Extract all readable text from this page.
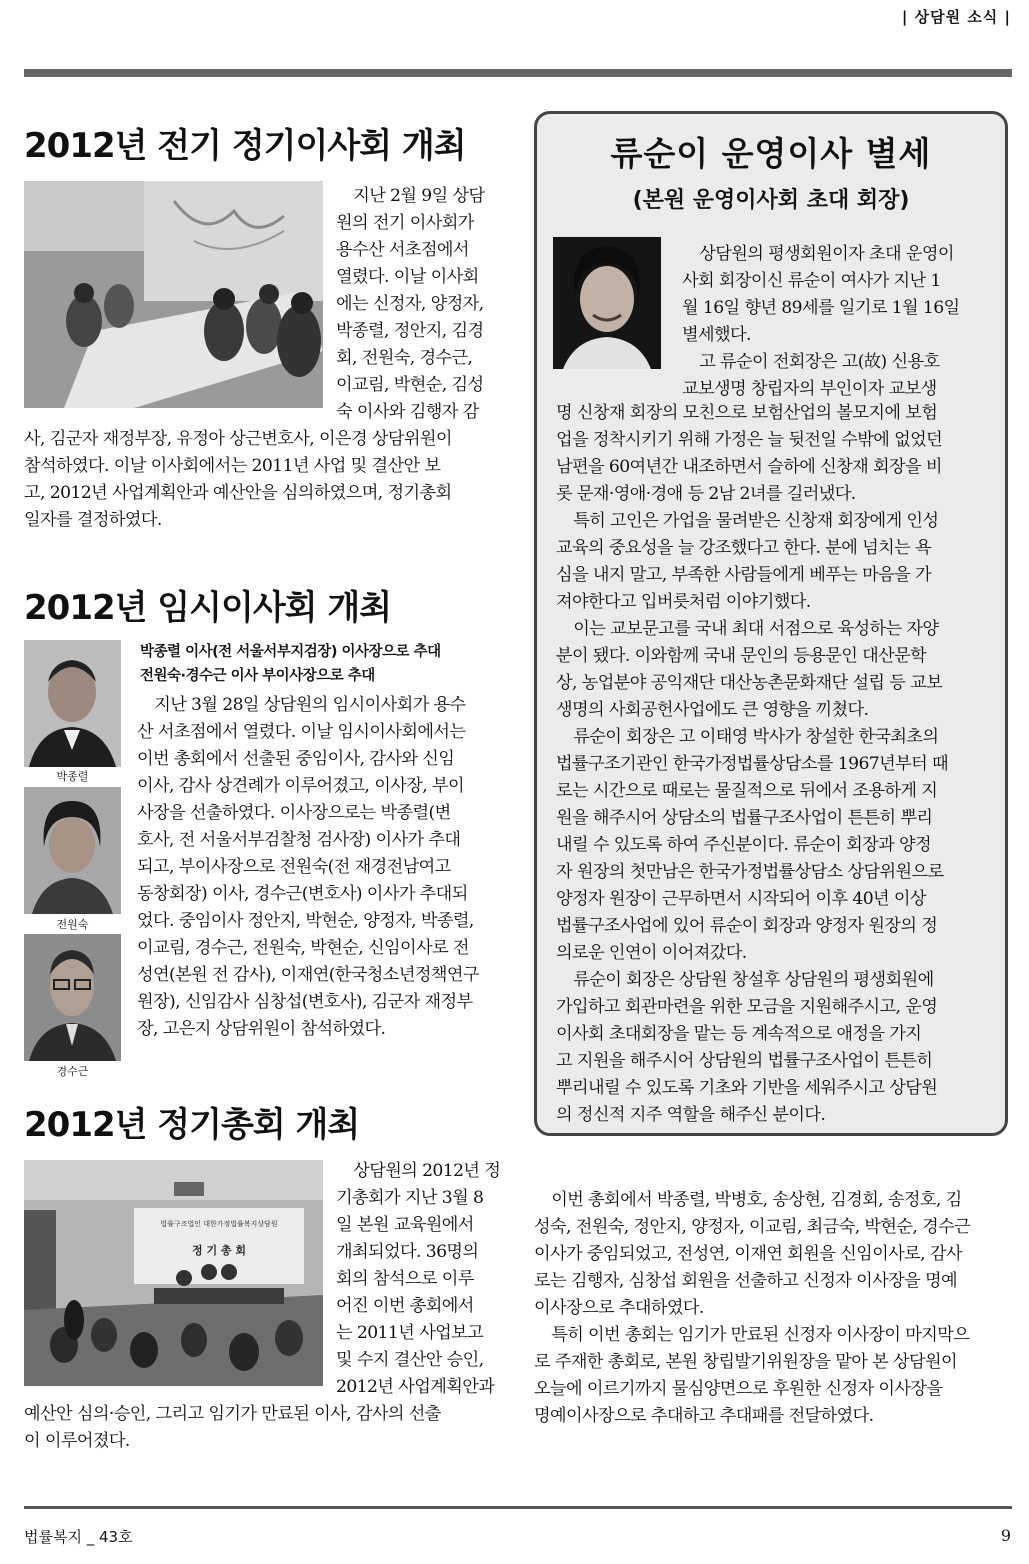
| 상담원 소식 |
2012년 전기 정기이사회 개최
지난 2월 9일 상담
원의 전기 이사회가
용수산 서초점에서
열렸다. 이날 이사회
에는 신정자, 양정자,
박종렬, 정안지, 김경
회, 전원숙, 경수근,
이교림, 박현순, 김성
숙 이사와 김행자 감
사, 김군자 재정부장, 유정아 상근변호사, 이은경 상담위원이
참석하였다. 이날 이사회에서는 2011년 사업 및 결산안 보
고, 2012년 사업계획안과 예산안을 심의하였으며, 정기총회
일자를 결정하였다.
2012년 임시이사회 개최
박종렬
전원숙
경수근
박종렬 이사(전 서울서부지검장) 이사장으로 추대
전원숙·경수근 이사 부이사장으로 추대
지난 3월 28일 상담원의 임시이사회가 용수
산 서초점에서 열렸다. 이날 임시이사회에서는
이번 총회에서 선출된 중임이사, 감사와 신임
이사, 감사 상견례가 이루어졌고, 이사장, 부이
사장을 선출하였다. 이사장으로는 박종렬(변
호사, 전 서울서부검찰청 검사장) 이사가 추대
되고, 부이사장으로 전원숙(전 재경전남여고
동창회장) 이사, 경수근(변호사) 이사가 추대되
었다. 중임이사 정안지, 박현순, 양정자, 박종렬,
이교림, 경수근, 전원숙, 박현순, 신임이사로 전
성연(본원 전 감사), 이재연(한국청소년정책연구
원장), 신임감사 심창섭(변호사), 김군자 재정부
장, 고은지 상담위원이 참석하였다.
2012년 정기총회 개최
법률구조법인 대한가정법률복지상담원
정 기 총 회
상담원의 2012년 정
기총회가 지난 3월 8
일 본원 교육원에서
개최되었다. 36명의
회의 참석으로 이루
어진 이번 총회에서
는 2011년 사업보고
및 수지 결산안 승인,
2012년 사업계획안과
예산안 심의·승인, 그리고 임기가 만료된 이사, 감사의 선출
이 이루어졌다.
류순이 운영이사 별세
(본원 운영이사회 초대 회장)
상담원의 평생회원이자 초대 운영이
사회 회장이신 류순이 여사가 지난 1
월 16일 향년 89세를 일기로 1월 16일
별세했다.
고 류순이 전회장은 고(故) 신용호
교보생명 창립자의 부인이자 교보생
명 신창재 회장의 모친으로 보험산업의 볼모지에 보험
업을 정착시키기 위해 가정은 늘 뒷전일 수밖에 없었던
남편을 60여년간 내조하면서 슬하에 신창재 회장을 비
롯 문재·영애·경애 등 2남 2녀를 길러냈다.
특히 고인은 가업을 물려받은 신창재 회장에게 인성
교육의 중요성을 늘 강조했다고 한다. 분에 넘치는 욕
심을 내지 말고, 부족한 사람들에게 베푸는 마음을 가
져야한다고 입버릇처럼 이야기했다.
이는 교보문고를 국내 최대 서점으로 육성하는 자양
분이 됐다. 이와함께 국내 문인의 등용문인 대산문학
상, 농업분야 공익재단 대산농촌문화재단 설립 등 교보
생명의 사회공헌사업에도 큰 영향을 끼쳤다.
류순이 회장은 고 이태영 박사가 창설한 한국최초의
법률구조기관인 한국가정법률상담소를 1967년부터 때
로는 시간으로 때로는 물질적으로 뒤에서 조용하게 지
원을 해주시어 상담소의 법률구조사업이 튼튼히 뿌리
내릴 수 있도록 하여 주신분이다. 류순이 회장과 양정
자 원장의 첫만남은 한국가정법률상담소 상담위원으로
양정자 원장이 근무하면서 시작되어 이후 40년 이상
법률구조사업에 있어 류순이 회장과 양정자 원장의 정
의로운 인연이 이어져갔다.
류순이 회장은 상담원 창설후 상담원의 평생회원에
가입하고 회관마련을 위한 모금을 지원해주시고, 운영
이사회 초대회장을 맡는 등 계속적으로 애정을 가지
고 지원을 해주시어 상담원의 법률구조사업이 튼튼히
뿌리내릴 수 있도록 기초와 기반을 세워주시고 상담원
의 정신적 지주 역할을 해주신 분이다.
이번 총회에서 박종렬, 박병호, 송상현, 김경회, 송정호, 김
성숙, 전원숙, 정안지, 양정자, 이교림, 최금숙, 박현순, 경수근
이사가 중임되었고, 전성연, 이재연 회원을 신임이사로, 감사
로는 김행자, 심창섭 회원을 선출하고 신정자 이사장을 명예
이사장으로 추대하였다.
특히 이번 총회는 임기가 만료된 신정자 이사장이 마지막으
로 주재한 총회로, 본원 창립발기위원장을 맡아 본 상담원이
오늘에 이르기까지 물심양면으로 후원한 신정자 이사장을
명예이사장으로 추대하고 추대패를 전달하였다.
법률복지 _ 43호	9
